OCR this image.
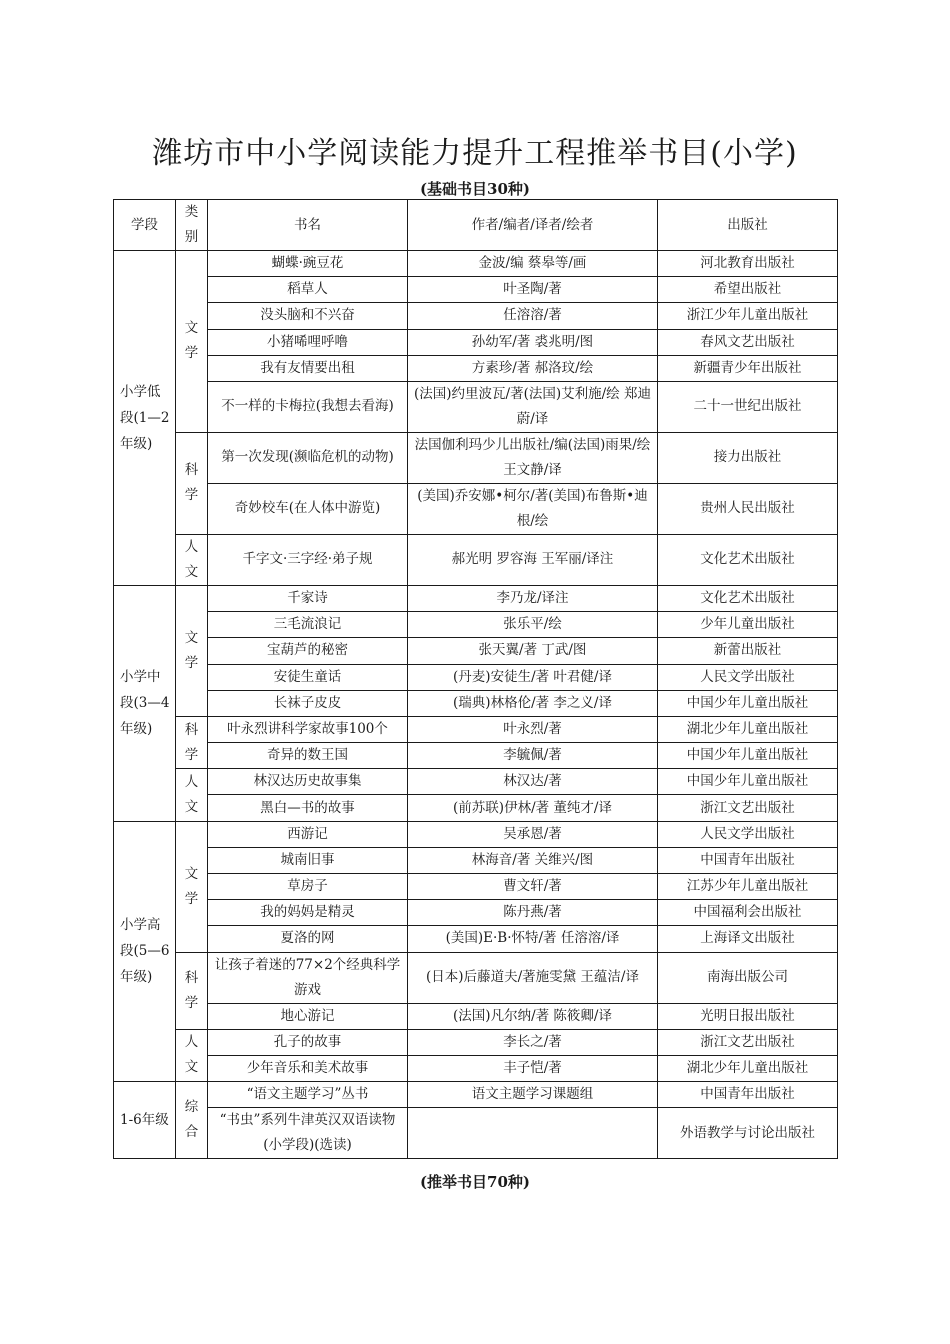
潍坊市中小学阅读能力提升工程推举书目(小学)
(基础书目30种)
学段	类别	书名	作者/编者/译者/绘者	出版社
小学低段(1—2年级)	文学	蝴蝶·豌豆花	金波/编 蔡皋等/画	河北教育出版社
		稻草人	叶圣陶/著	希望出版社
		没头脑和不兴奋	任溶溶/著	浙江少年儿童出版社
		小猪唏哩呼噜	孙幼军/著 裘兆明/图	春风文艺出版社
		我有友情要出租	方素珍/著 郝洛玟/绘	新疆青少年出版社
		不一样的卡梅拉(我想去看海)	(法国)约里波瓦/著(法国)艾利施/绘 郑迪蔚/译	二十一世纪出版社
	科学	第一次发现(濒临危机的动物)	法国伽利玛少儿出版社/编(法国)雨果/绘 王文静/译	接力出版社
		奇妙校车(在人体中游览)	(美国)乔安娜•柯尔/著(美国)布鲁斯•迪根/绘	贵州人民出版社
	人文	千字文·三字经·弟子规	郝光明 罗容海 王军丽/译注	文化艺术出版社
小学中段(3—4年级)	文学	千家诗	李乃龙/译注	文化艺术出版社
		三毛流浪记	张乐平/绘	少年儿童出版社
		宝葫芦的秘密	张天翼/著 丁武/图	新蕾出版社
		安徒生童话	(丹麦)安徒生/著 叶君健/译	人民文学出版社
		长袜子皮皮	(瑞典)林格伦/著 李之义/译	中国少年儿童出版社
	科学	叶永烈讲科学家故事100个	叶永烈/著	湖北少年儿童出版社
		奇异的数王国	李毓佩/著	中国少年儿童出版社
	人文	林汉达历史故事集	林汉达/著	中国少年儿童出版社
		黑白—书的故事	(前苏联)伊林/著 董纯才/译	浙江文艺出版社
小学高段(5—6年级)	文学	西游记	吴承恩/著	人民文学出版社
		城南旧事	林海音/著 关维兴/图	中国青年出版社
		草房子	曹文轩/著	江苏少年儿童出版社
		我的妈妈是精灵	陈丹燕/著	中国福利会出版社
		夏洛的网	(美国)E·B·怀特/著 任溶溶/译	上海译文出版社
	科学	让孩子着迷的77×2个经典科学游戏	(日本)后藤道夫/著施雯黛 王蕴洁/译	南海出版公司
		地心游记	(法国)凡尔纳/著 陈筱卿/译	光明日报出版社
	人文	孔子的故事	李长之/著	浙江文艺出版社
		少年音乐和美术故事	丰子恺/著	湖北少年儿童出版社
1-6年级	综合	“语文主题学习”丛书	语文主题学习课题组	中国青年出版社
		“书虫”系列牛津英汉双语读物(小学段)(选读)		外语教学与讨论出版社
(推举书目70种)
